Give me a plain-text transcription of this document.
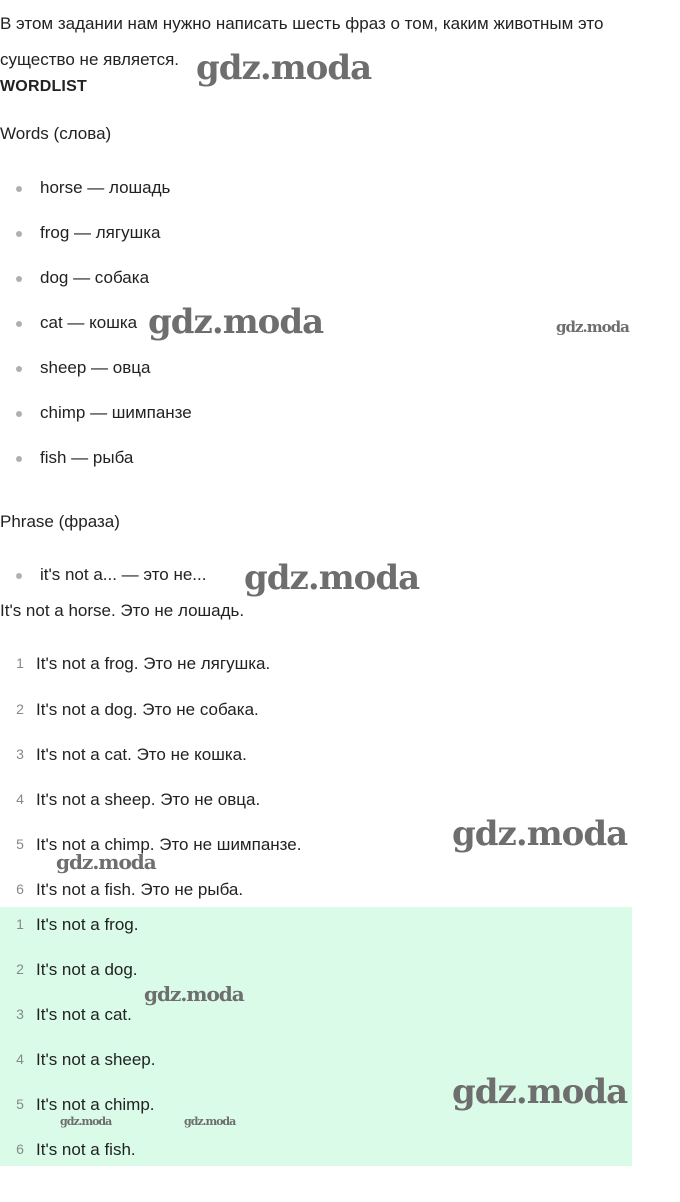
В этом задании нам нужно написать шесть фраз о том, каким животным это существо не является.
WORDLIST
Words (слова)
horse — лошадь
frog — лягушка
dog — собака
cat — кошка
sheep — овца
chimp — шимпанзе
fish — рыба
Phrase (фраза)
it's not a... — это не...
It's not a horse. Это не лошадь.
1 It's not a frog. Это не лягушка.
2 It's not a dog. Это не собака.
3 It's not a cat. Это не кошка.
4 It's not a sheep. Это не овца.
5 It's not a chimp. Это не шимпанзе.
6 It's not a fish. Это не рыба.
1 It's not a frog.
2 It's not a dog.
3 It's not a cat.
4 It's not a sheep.
5 It's not a chimp.
6 It's not a fish.
gdz.moda
gdz.moda	gdz.moda
gdz.moda
gdz.moda
gdz.moda
gdz.moda
gdz.moda
gdz.moda	gdz.moda
